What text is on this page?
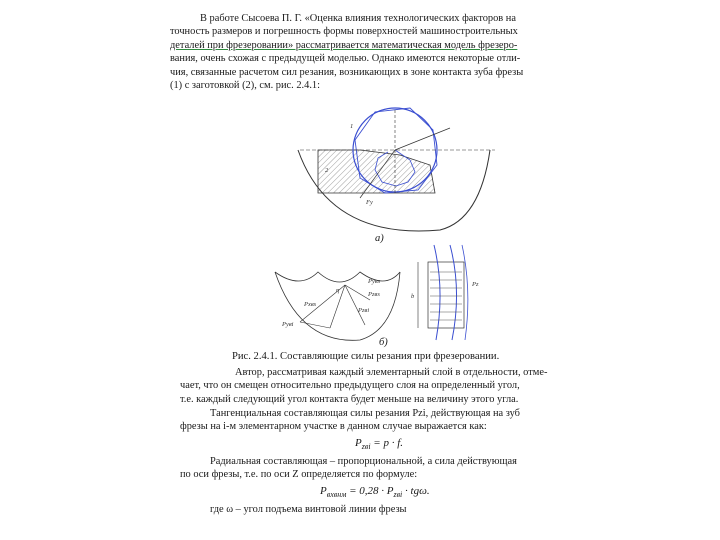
В работе Сысоева П. Г. «Оценка влияния технологических факторов на
точность размеров и погрешность формы поверхностей машиностроительных
деталей при фрезеровании» рассматривается математическая модель фрезеро-
вания, очень схожая с предыдущей моделью. Однако имеются некоторые отли-
чия, связанные расчетом сил резания, возникающих в зоне контакта зуба фрезы
(1) с заготовкой (2), см. рис. 2.4.1:
1
2
Fy
а)
Pyвs
Pzвs
Pxвs
Pzвi
Pyвi
η
b
Pz
б)
Рис. 2.4.1. Составляющие силы резания при фрезеровании.
Автор, рассматривая каждый элементарный слой в отдельности, отме-
чает, что он смещен относительно предыдущего слоя на определенный угол,
т.е. каждый следующий угол контакта будет меньше на величину этого угла.
Тангенциальная составляющая силы резания Pzi, действующая на зуб
фрезы на i-м элементарном участке в данном случае выражается как:
$P_{zвi} = p \cdot f$.
Радиальная составляющая – пропорциональной, а сила действующая
по оси фрезы, т.е. по оси Z определяется по формуле:
$P_{вxвнм} = 0,28 \cdot P_{zвi} \cdot tg\omega$.
где ω – угол подъема винтовой линии фрезы
